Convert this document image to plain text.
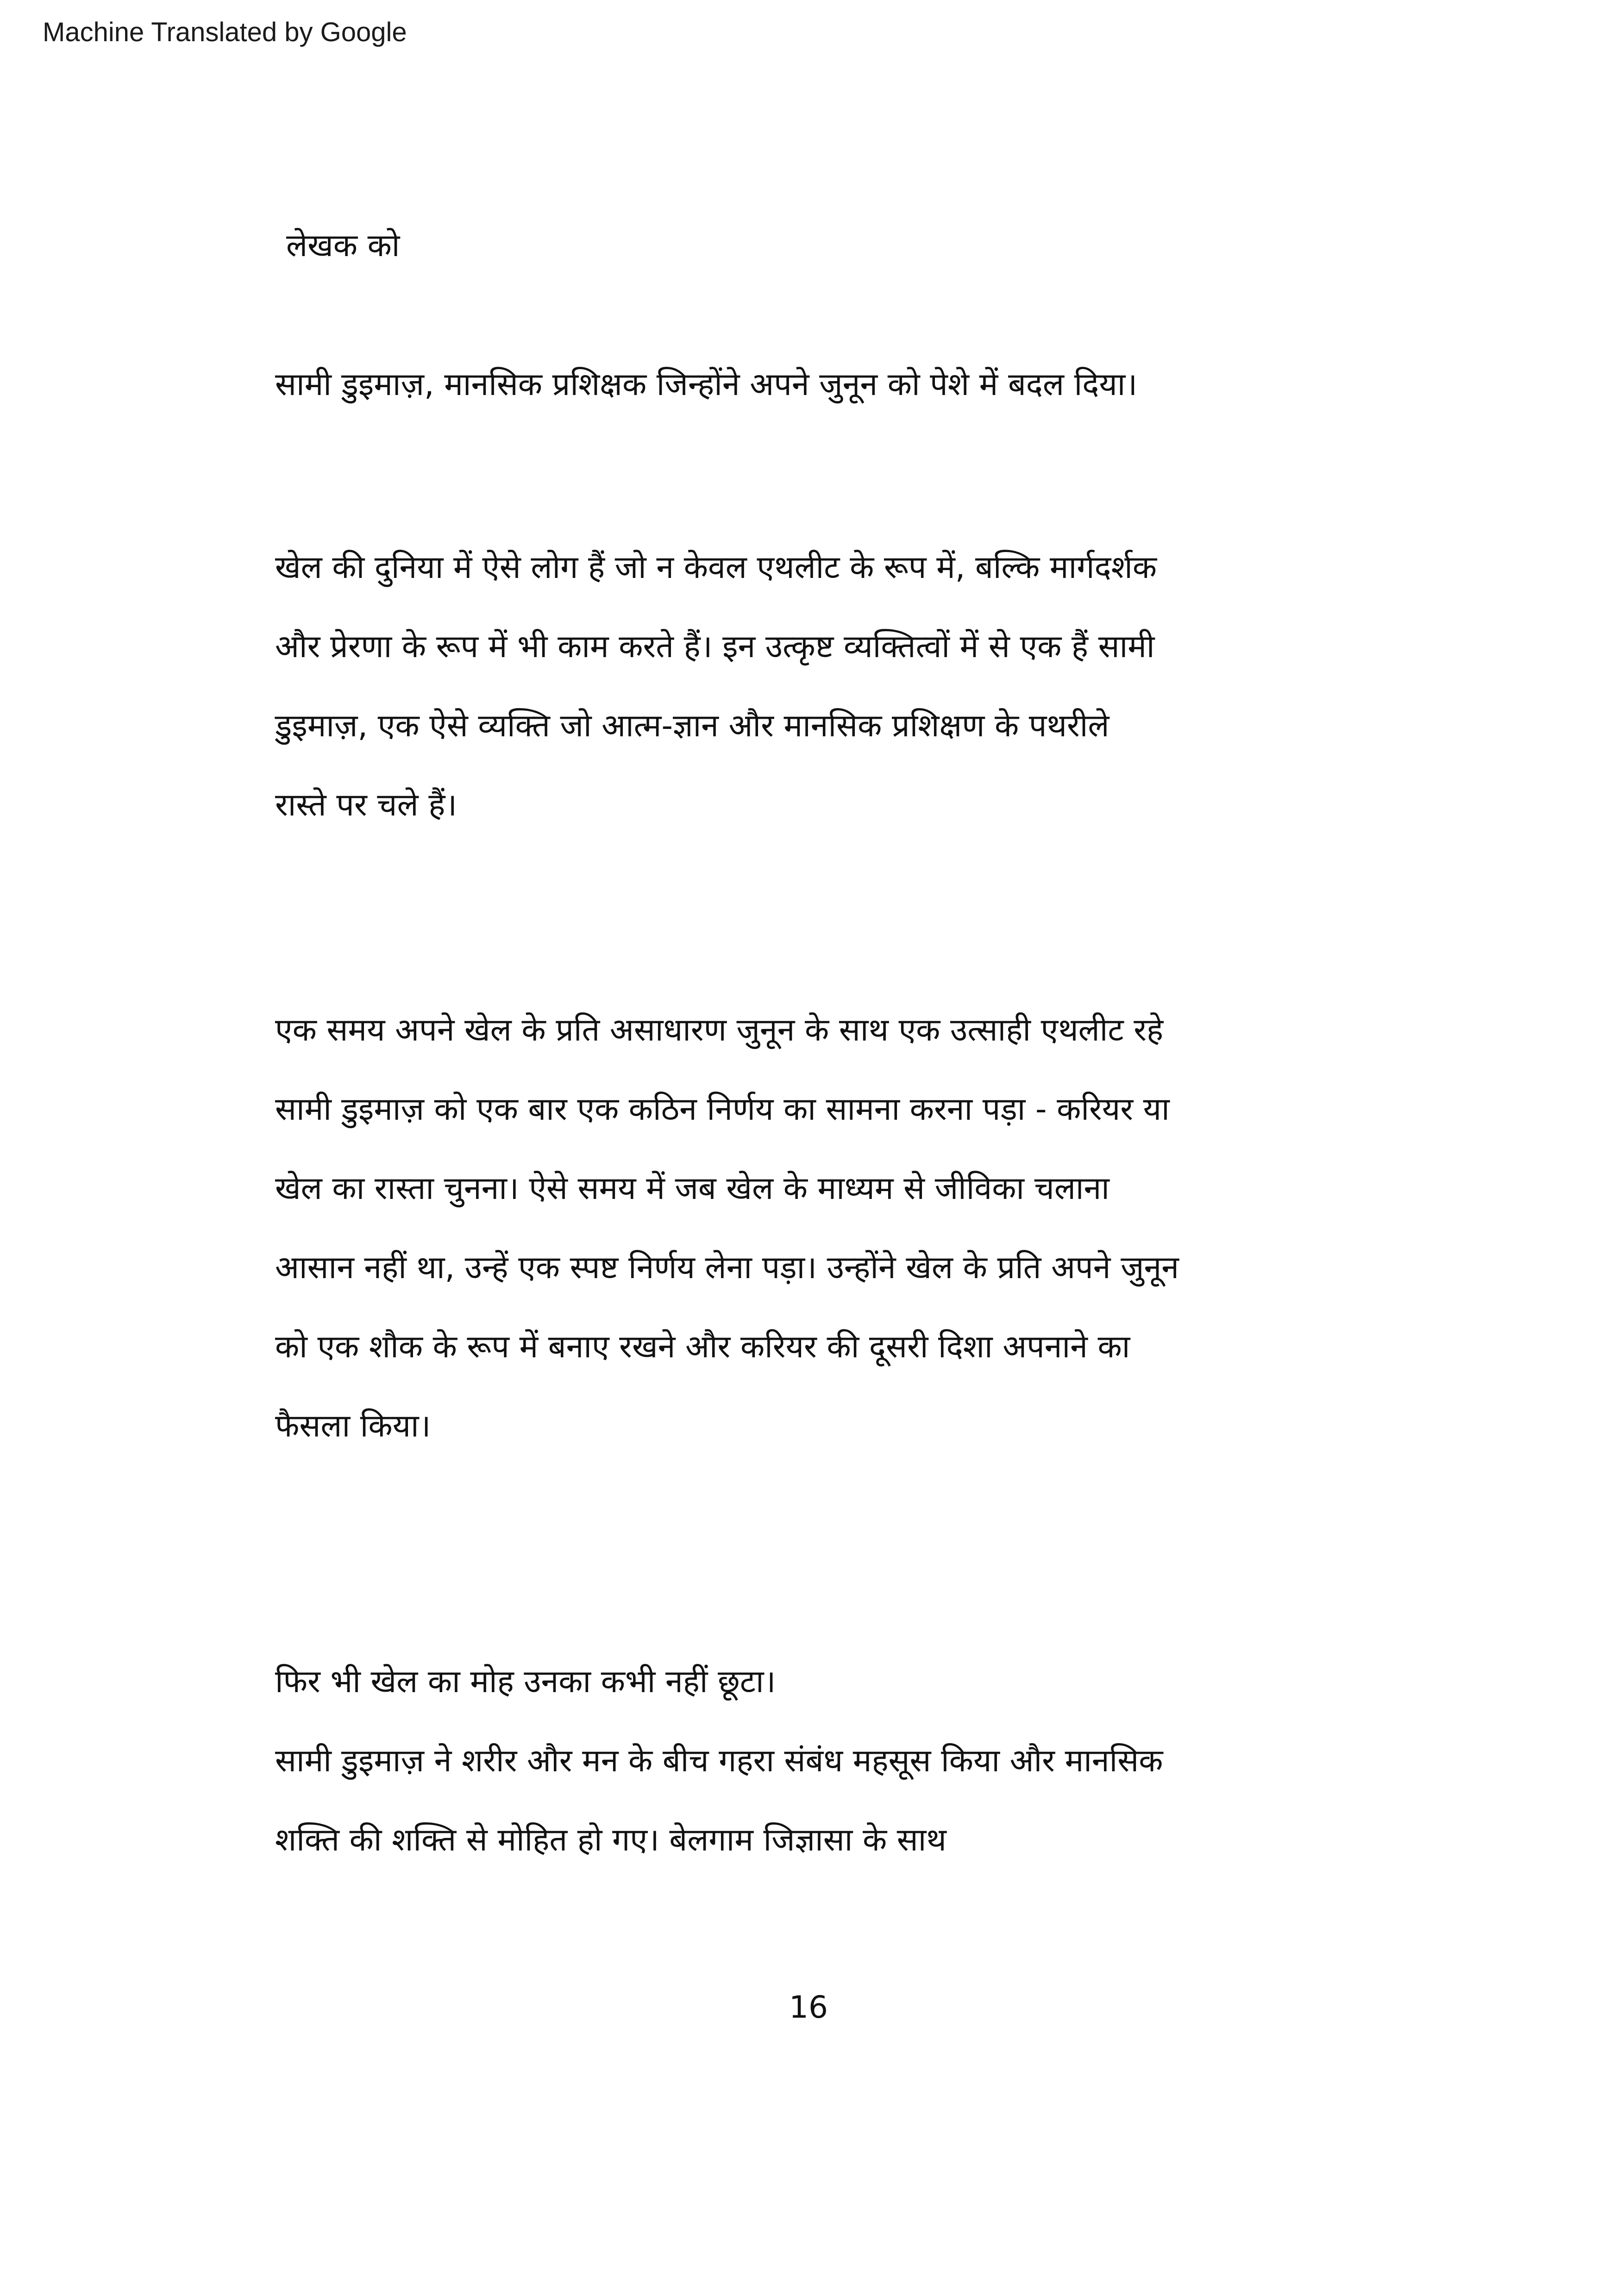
Machine Translated by Google

लेखक को

सामी डुइमाज़, मानसिक प्रशिक्षक जिन्होंने अपने जुनून को पेशे में बदल दिया।

खेल की दुनिया में ऐसे लोग हैं जो न केवल एथलीट के रूप में, बल्कि मार्गदर्शक
और प्रेरणा के रूप में भी काम करते हैं। इन उत्कृष्ट व्यक्तित्वों में से एक हैं सामी
डुइमाज़, एक ऐसे व्यक्ति जो आत्म-ज्ञान और मानसिक प्रशिक्षण के पथरीले
रास्ते पर चले हैं।

एक समय अपने खेल के प्रति असाधारण जुनून के साथ एक उत्साही एथलीट रहे
सामी डुइमाज़ को एक बार एक कठिन निर्णय का सामना करना पड़ा - करियर या
खेल का रास्ता चुनना। ऐसे समय में जब खेल के माध्यम से जीविका चलाना
आसान नहीं था, उन्हें एक स्पष्ट निर्णय लेना पड़ा। उन्होंने खेल के प्रति अपने जुनून
को एक शौक के रूप में बनाए रखने और करियर की दूसरी दिशा अपनाने का
फैसला किया।

फिर भी खेल का मोह उनका कभी नहीं छूटा।
सामी डुइमाज़ ने शरीर और मन के बीच गहरा संबंध महसूस किया और मानसिक
शक्ति की शक्ति से मोहित हो गए। बेलगाम जिज्ञासा के साथ

16
